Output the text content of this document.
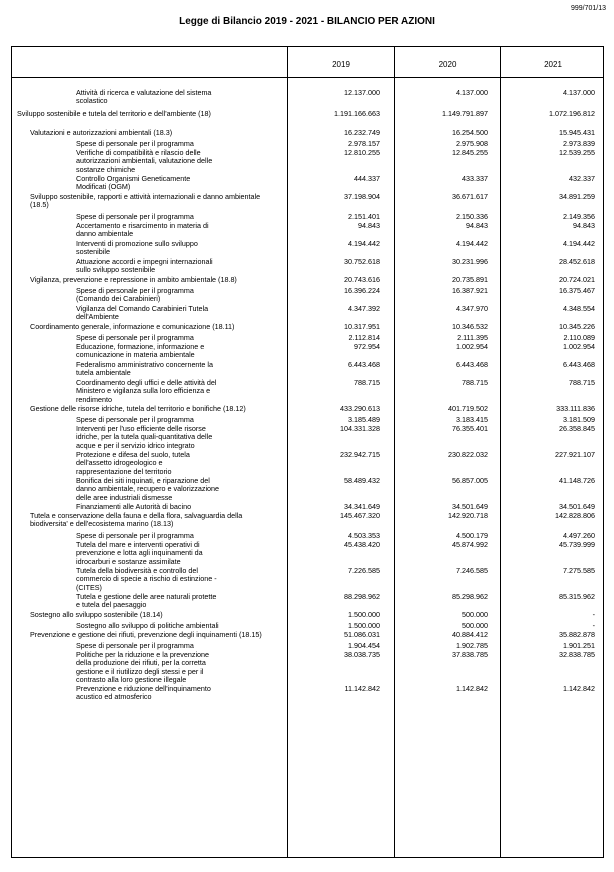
999/701/13
Legge di Bilancio 2019 - 2021 - BILANCIO PER AZIONI
2019	2020	2021
Attività di ricerca e valutazione del sistema scolastico
12.137.000	4.137.000	4.137.000
Sviluppo sostenibile e tutela del territorio e dell'ambiente (18)	1.191.166.663	1.149.791.897	1.072.196.812
Valutazioni e autorizzazioni ambientali (18.3)	16.232.749	16.254.500	15.945.431
Spese di personale per il programma	2.978.157	2.975.908	2.973.839
Verifiche di compatibilità e rilascio delle autorizzazioni ambientali, valutazione delle sostanze chimiche
12.810.255	12.845.255	12.539.255
Controllo Organismi Geneticamente Modificati (OGM)
444.337	433.337	432.337
Sviluppo sostenibile, rapporti e attività internazionali e danno ambientale (18.5)
37.198.904	36.671.617	34.891.259
Spese di personale per il programma	2.151.401	2.150.336	2.149.356
Accertamento e risarcimento in materia di danno ambientale
94.843	94.843	94.843
Interventi di promozione sullo sviluppo sostenibile
4.194.442	4.194.442	4.194.442
Attuazione accordi e impegni internazionali sullo sviluppo sostenibile
30.752.618	30.231.996	28.452.618
Vigilanza, prevenzione e repressione in ambito ambientale (18.8)	20.743.616	20.735.891	20.724.021
Spese di personale per il programma (Comando dei Carabinieri)
16.396.224	16.387.921	16.375.467
Vigilanza del Comando Carabinieri Tutela dell'Ambiente
4.347.392	4.347.970	4.348.554
Coordinamento generale, informazione e comunicazione (18.11)	10.317.951	10.346.532	10.345.226
Spese di personale per il programma	2.112.814	2.111.395	2.110.089
Educazione, formazione, informazione e comunicazione in materia ambientale
972.954	1.002.954	1.002.954
Federalismo amministrativo concernente la tutela ambientale
6.443.468	6.443.468	6.443.468
Coordinamento degli uffici e delle attività del Ministero e vigilanza sulla loro efficienza e rendimento
788.715	788.715	788.715
Gestione delle risorse idriche, tutela del territorio e bonifiche (18.12)	433.290.613	401.719.502	333.111.836
Spese di personale per il programma	3.185.489	3.183.415	3.181.509
Interventi per l'uso efficiente delle risorse idriche, per la tutela quali-quantitativa delle acque e per il servizio idrico integrato
104.331.328	76.355.401	26.358.845
Protezione e difesa del suolo, tutela dell'assetto idrogeologico e rappresentazione del territorio
232.942.715	230.822.032	227.921.107
Bonifica dei siti inquinati, e riparazione del danno ambientale, recupero e valorizzazione delle aree industriali dismesse
58.489.432	56.857.005	41.148.726
Finanziamenti alle Autorità di bacino	34.341.649	34.501.649	34.501.649
Tutela e conservazione della fauna e della flora, salvaguardia della biodiversita' e dell'ecosistema marino (18.13)
145.467.320	142.920.718	142.828.806
Spese di personale per il programma	4.503.353	4.500.179	4.497.260
Tutela del mare e interventi operativi di prevenzione e lotta agli inquinamenti da idrocarburi e sostanze assimilate
45.438.420	45.874.992	45.739.999
Tutela della biodiversità e controllo del commercio di specie a rischio di estinzione - (CITES)
7.226.585	7.246.585	7.275.585
Tutela e gestione delle aree naturali protette e tutela del paesaggio
88.298.962	85.298.962	85.315.962
Sostegno allo sviluppo sostenibile (18.14)	1.500.000	500.000	-
Sostegno allo sviluppo di politiche ambientali	1.500.000	500.000	-
Prevenzione e gestione dei rifiuti, prevenzione degli inquinamenti (18.15)	51.086.031	40.884.412	35.882.878
Spese di personale per il programma	1.904.454	1.902.785	1.901.251
Politiche per la riduzione e la prevenzione della produzione dei rifiuti, per la corretta gestione e il riutilizzo degli stessi e per il contrasto alla loro gestione illegale
38.038.735	37.838.785	32.838.785
Prevenzione e riduzione dell'inquinamento acustico ed atmosferico
11.142.842	1.142.842	1.142.842
